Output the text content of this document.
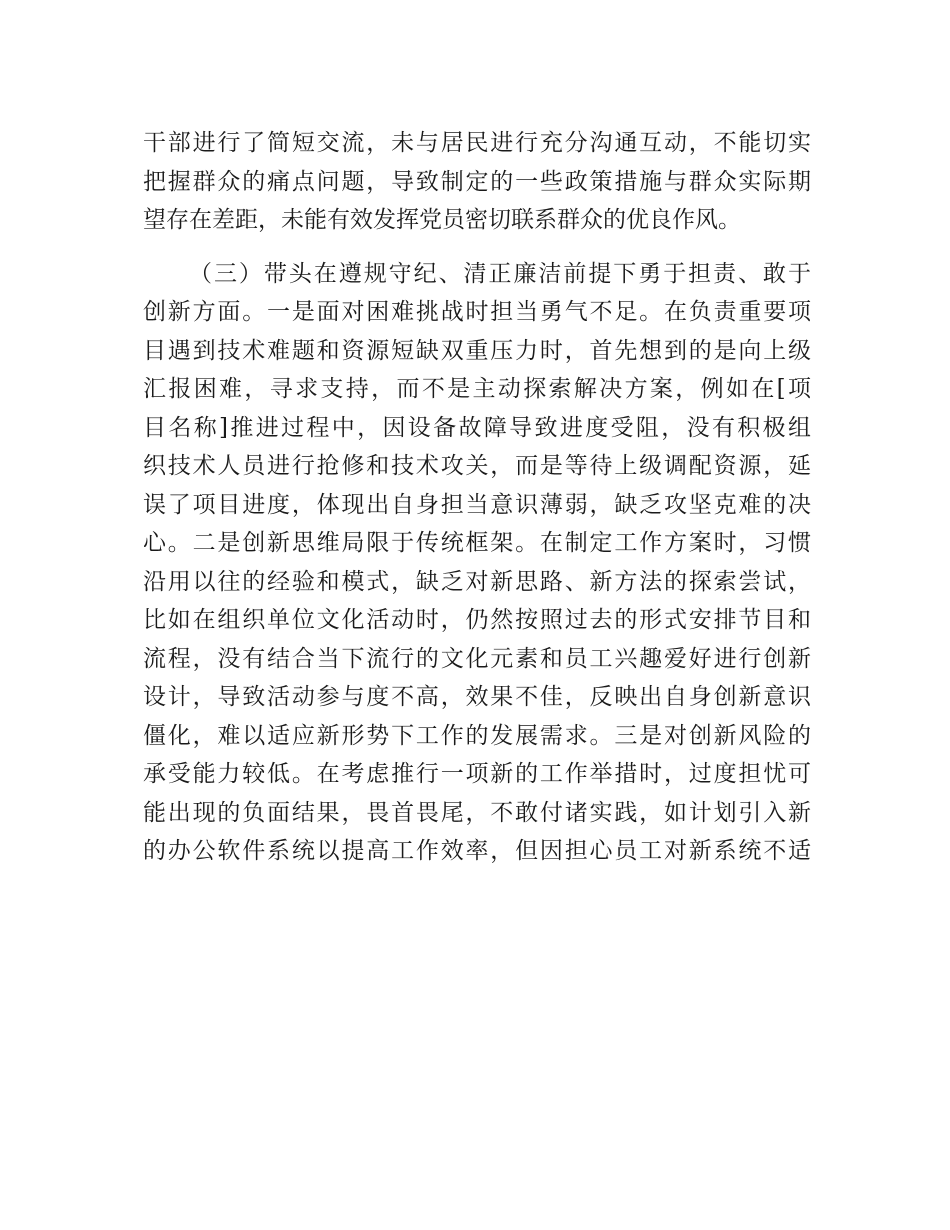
干部进行了简短交流，未与居民进行充分沟通互动，不能切实
把握群众的痛点问题，导致制定的一些政策措施与群众实际期
望存在差距，未能有效发挥党员密切联系群众的优良作风。
（三）带头在遵规守纪、清正廉洁前提下勇于担责、敢于
创新方面。一是面对困难挑战时担当勇气不足。在负责重要项
目遇到技术难题和资源短缺双重压力时，首先想到的是向上级
汇报困难，寻求支持，而不是主动探索解决方案，例如在[项
目名称]推进过程中，因设备故障导致进度受阻，没有积极组
织技术人员进行抢修和技术攻关，而是等待上级调配资源，延
误了项目进度，体现出自身担当意识薄弱，缺乏攻坚克难的决
心。二是创新思维局限于传统框架。在制定工作方案时，习惯
沿用以往的经验和模式，缺乏对新思路、新方法的探索尝试，
比如在组织单位文化活动时，仍然按照过去的形式安排节目和
流程，没有结合当下流行的文化元素和员工兴趣爱好进行创新
设计，导致活动参与度不高，效果不佳，反映出自身创新意识
僵化，难以适应新形势下工作的发展需求。三是对创新风险的
承受能力较低。在考虑推行一项新的工作举措时，过度担忧可
能出现的负面结果，畏首畏尾，不敢付诸实践，如计划引入新
的办公软件系统以提高工作效率，但因担心员工对新系统不适
